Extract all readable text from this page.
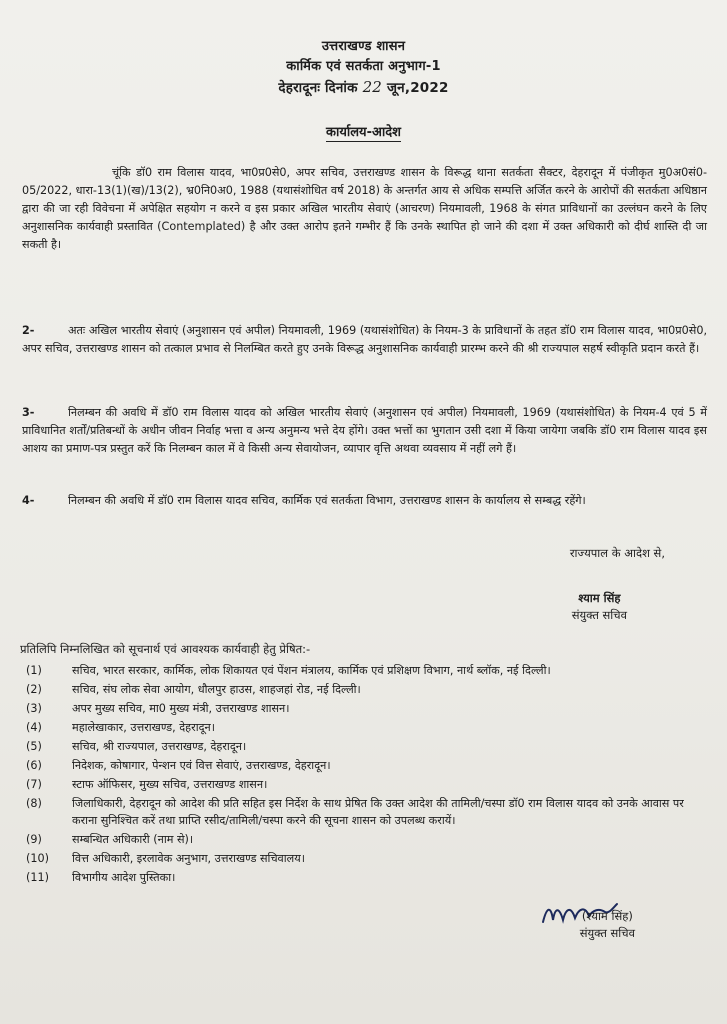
उत्तराखण्ड शासन
कार्मिक एवं सतर्कता अनुभाग-1
देहरादूनः दिनांक 22 जून,2022
कार्यालय-आदेश
चूंकि डॉ0 राम विलास यादव, भा0प्र0से0, अपर सचिव, उत्तराखण्ड शासन के विरूद्ध थाना सतर्कता सैक्टर, देहरादून में पंजीकृत मु0अ0सं0-05/2022, धारा-13(1)(ख)/13(2), भ्र0नि0अ0, 1988 (यथासंशोधित वर्ष 2018) के अन्तर्गत आय से अधिक सम्पत्ति अर्जित करने के आरोपों की सतर्कता अधिष्ठान द्वारा की जा रही विवेचना में अपेक्षित सहयोग न करने व इस प्रकार अखिल भारतीय सेवाएं (आचरण) नियमावली, 1968 के संगत प्राविधानों का उल्लंघन करने के लिए अनुशासनिक कार्यवाही प्रस्तावित (Contemplated) है और उक्त आरोप इतने गम्भीर हैं कि उनके स्थापित हो जाने की दशा में उक्त अधिकारी को दीर्घ शास्ति दी जा सकती है।
2-	अतः अखिल भारतीय सेवाएं (अनुशासन एवं अपील) नियमावली, 1969 (यथासंशोधित) के नियम-3 के प्राविधानों के तहत डॉ0 राम विलास यादव, भा0प्र0से0, अपर सचिव, उत्तराखण्ड शासन को तत्काल प्रभाव से निलम्बित करते हुए उनके विरूद्ध अनुशासनिक कार्यवाही प्रारम्भ करने की श्री राज्यपाल सहर्ष स्वीकृति प्रदान करते हैं।
3-	निलम्बन की अवधि में डॉ0 राम विलास यादव को अखिल भारतीय सेवाएं (अनुशासन एवं अपील) नियमावली, 1969 (यथासंशोधित) के नियम-4 एवं 5 में प्राविधानित शर्तों/प्रतिबन्धों के अधीन जीवन निर्वाह भत्ता व अन्य अनुमन्य भत्ते देय होंगे। उक्त भत्तों का भुगतान उसी दशा में किया जायेगा जबकि डॉ0 राम विलास यादव इस आशय का प्रमाण-पत्र प्रस्तुत करें कि निलम्बन काल में वे किसी अन्य सेवायोजन, व्यापार वृत्ति अथवा व्यवसाय में नहीं लगे हैं।
4-	निलम्बन की अवधि में डॉ0 राम विलास यादव सचिव, कार्मिक एवं सतर्कता विभाग, उत्तराखण्ड शासन के कार्यालय से सम्बद्ध रहेंगे।
राज्यपाल के आदेश से,
श्याम सिंह
संयुक्त सचिव
प्रतिलिपि निम्नलिखित को सूचनार्थ एवं आवश्यक कार्यवाही हेतु प्रेषित:-
(1)	सचिव, भारत सरकार, कार्मिक, लोक शिकायत एवं पेंशन मंत्रालय, कार्मिक एवं प्रशिक्षण विभाग, नार्थ ब्लॉक, नई दिल्ली।
(2)	सचिव, संघ लोक सेवा आयोग, धौलपुर हाउस, शाहजहां रोड, नई दिल्ली।
(3)	अपर मुख्य सचिव, मा0 मुख्य मंत्री, उत्तराखण्ड शासन।
(4)	महालेखाकार, उत्तराखण्ड, देहरादून।
(5)	सचिव, श्री राज्यपाल, उत्तराखण्ड, देहरादून।
(6)	निदेशक, कोषागार, पेन्शन एवं वित्त सेवाएं, उत्तराखण्ड, देहरादून।
(7)	स्टाफ ऑफिसर, मुख्य सचिव, उत्तराखण्ड शासन।
(8)	जिलाधिकारी, देहरादून को आदेश की प्रति सहित इस निर्देश के साथ प्रेषित कि उक्त आदेश की तामिली/चस्पा डॉ0 राम विलास यादव को उनके आवास पर कराना सुनिश्चित करें तथा प्राप्ति रसीद/तामिली/चस्पा करने की सूचना शासन को उपलब्ध करायें।
(9)	सम्बन्धित अधिकारी (नाम से)।
(10)	वित्त अधिकारी, इरलावेक अनुभाग, उत्तराखण्ड सचिवालय।
(11)	विभागीय आदेश पुस्तिका।
(श्याम सिंह)
संयुक्त सचिव
